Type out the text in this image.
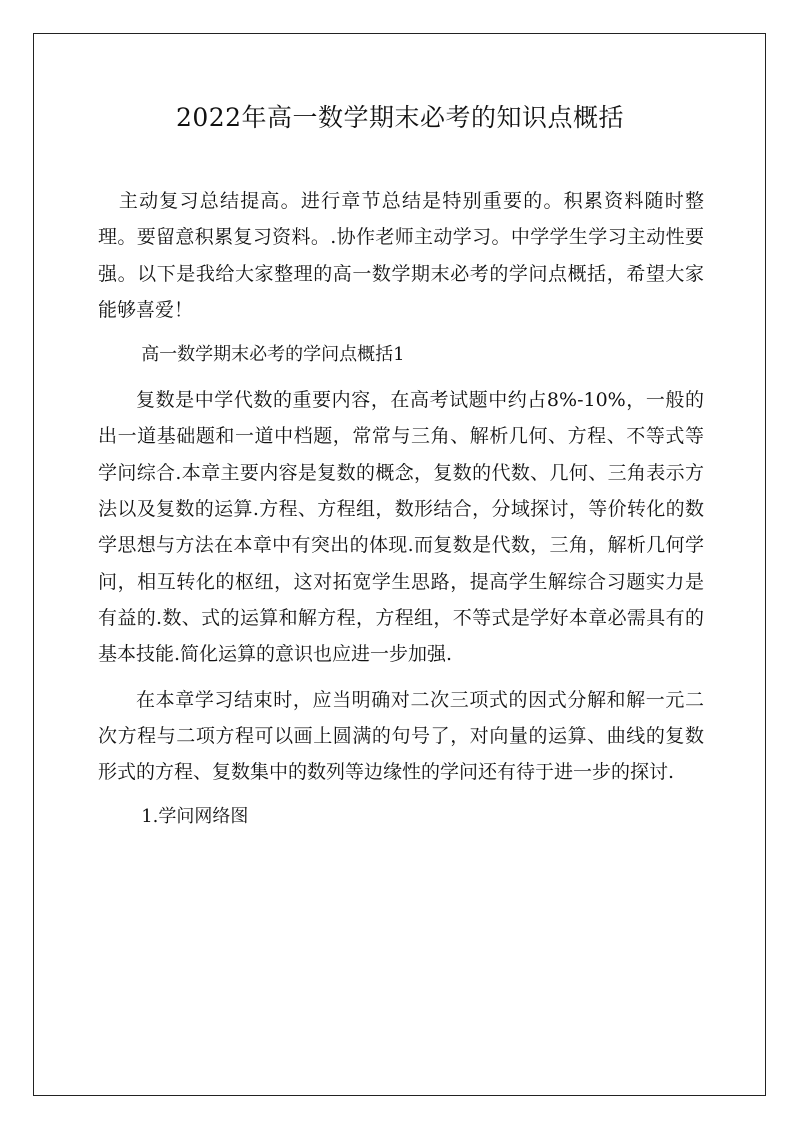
2022年高一数学期末必考的知识点概括

主动复习总结提高。进行章节总结是特别重要的。积累资料随时整理。要留意积累复习资料。.协作老师主动学习。中学学生学习主动性要强。以下是我给大家整理的高一数学期末必考的学问点概括，希望大家能够喜爱！

高一数学期末必考的学问点概括1

复数是中学代数的重要内容，在高考试题中约占8%-10%，一般的出一道基础题和一道中档题，常常与三角、解析几何、方程、不等式等学问综合.本章主要内容是复数的概念，复数的代数、几何、三角表示方法以及复数的运算.方程、方程组，数形结合，分域探讨，等价转化的数学思想与方法在本章中有突出的体现.而复数是代数，三角，解析几何学问，相互转化的枢纽，这对拓宽学生思路，提高学生解综合习题实力是有益的.数、式的运算和解方程，方程组，不等式是学好本章必需具有的基本技能.简化运算的意识也应进一步加强.

在本章学习结束时，应当明确对二次三项式的因式分解和解一元二次方程与二项方程可以画上圆满的句号了，对向量的运算、曲线的复数形式的方程、复数集中的数列等边缘性的学问还有待于进一步的探讨.

1.学问网络图
